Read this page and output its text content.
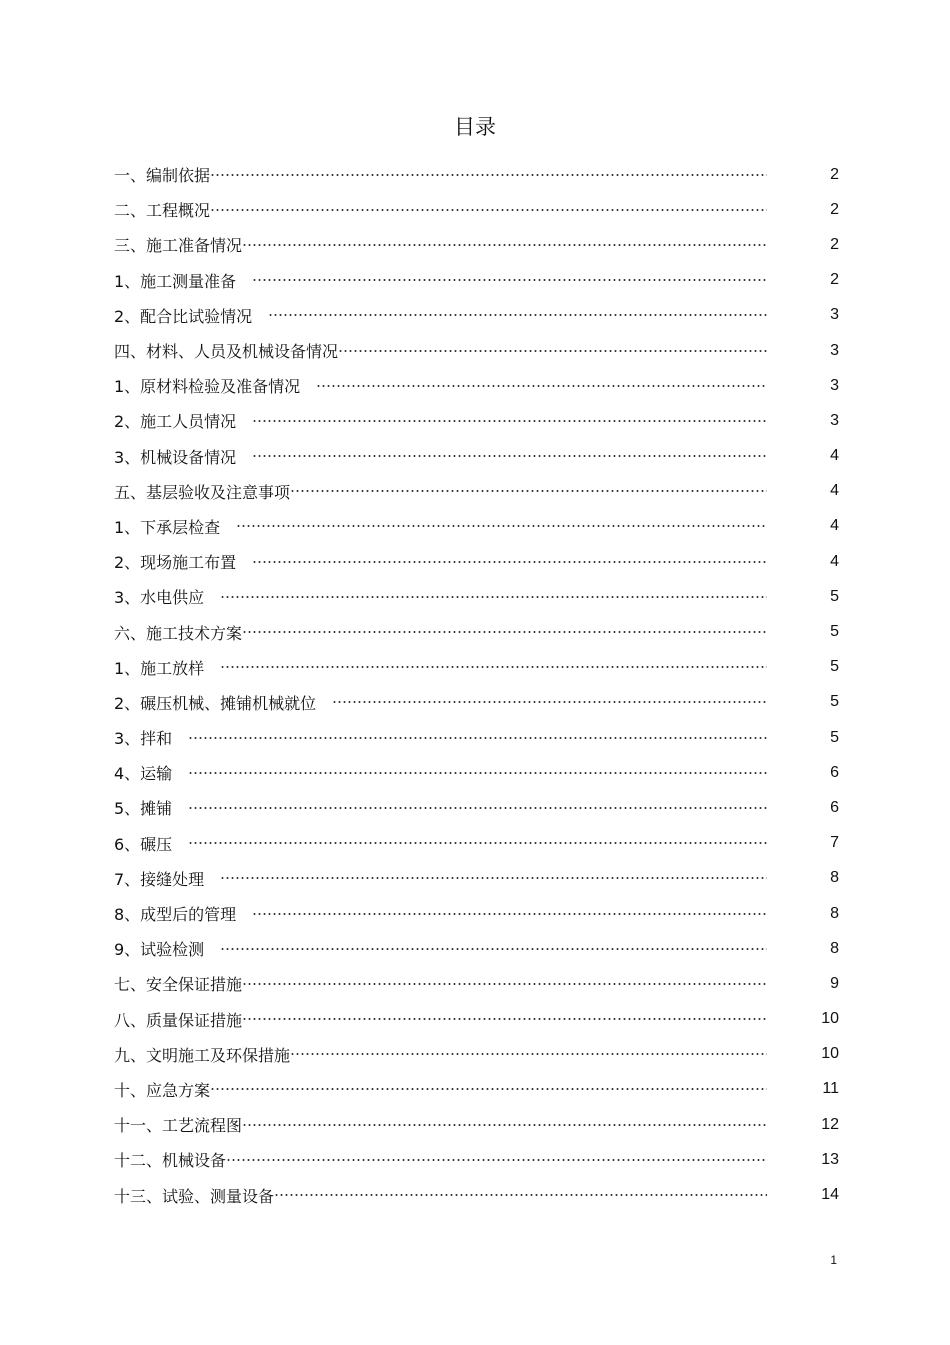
目录
一、编制依据	2
二、工程概况	2
三、施工准备情况	2
1、施工测量准备	2
2、配合比试验情况	3
四、材料、人员及机械设备情况	3
1、原材料检验及准备情况	3
2、施工人员情况	3
3、机械设备情况	4
五、基层验收及注意事项	4
1、下承层检查	4
2、现场施工布置	4
3、水电供应	5
六、施工技术方案	5
1、施工放样	5
2、碾压机械、摊铺机械就位	5
3、拌和	5
4、运输	6
5、摊铺	6
6、碾压	7
7、接缝处理	8
8、成型后的管理	8
9、试验检测	8
七、安全保证措施	9
八、质量保证措施	10
九、文明施工及环保措施	10
十、应急方案	11
十一、工艺流程图	12
十二、机械设备	13
十三、试验、测量设备	14
1
